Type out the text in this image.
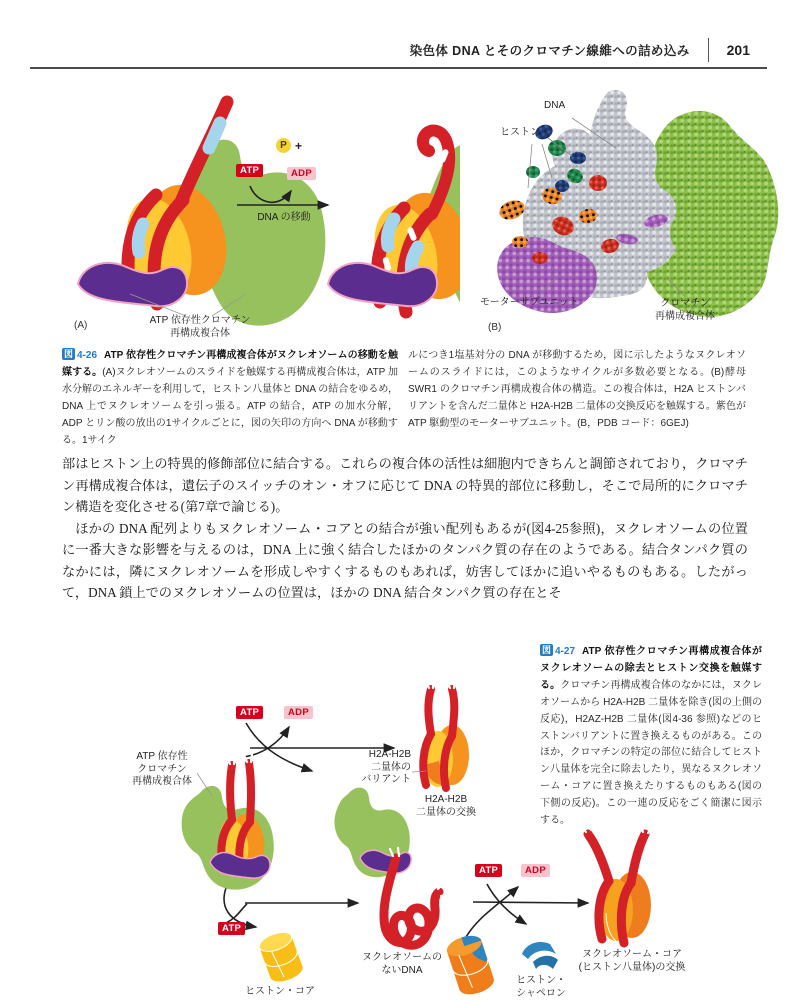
染色体 DNA とそのクロマチン線維への詰め込み	201
ATP
P +
ADP
DNA の移動
ATP 依存性クロマチン
再構成複合体
(A)
DNA
ヒストン
モーターサブユニット	クロマチン
再構成複合体
(B)
図 4-26 ATP 依存性クロマチン再構成複合体がヌクレオソームの移動を触媒する。(A)ヌクレオソームのスライドを触媒する再構成複合体は，ATP 加水分解のエネルギーを利用して，ヒストン八量体と DNA の結合をゆるめ，DNA 上でヌクレオソームを引っ張る。ATP の結合，ATP の加水分解，ADP とリン酸の放出の1サイクルごとに，図の矢印の方向へ DNA が移動する。1サイク
ルにつき1塩基対分の DNA が移動するため，図に示したようなヌクレオソームのスライドには，このようなサイクルが多数必要となる。(B)酵母 SWR1 のクロマチン再構成複合体の構造。この複合体は，H2A ヒストンバリアントを含んだ二量体と H2A-H2B 二量体の交換反応を触媒する。紫色が ATP 駆動型のモーターサブユニット。(B，PDB コード：6GEJ)

部はヒストン上の特異的修飾部位に結合する。これらの複合体の活性は細胞内できちんと調節されており，クロマチン再構成複合体は，遺伝子のスイッチのオン・オフに応じて DNA の特異的部位に移動し，そこで局所的にクロマチン構造を変化させる(第7章で論じる)。

ほかの DNA 配列よりもヌクレオソーム・コアとの結合が強い配列もあるが(図4-25参照)，ヌクレオソームの位置に一番大きな影響を与えるのは，DNA 上に強く結合したほかのタンパク質の存在のようである。結合タンパク質のなかには，隣にヌクレオソームを形成しやすくするものもあれば，妨害してほかに追いやるものもある。したがって，DNA 鎖上でのヌクレオソームの位置は，ほかの DNA 結合タンパク質の存在とそ

図 4-27 ATP 依存性クロマチン再構成複合体がヌクレオソームの除去とヒストン交換を触媒する。クロマチン再構成複合体のなかには，ヌクレオソームから H2A-H2B 二量体を除き(図の上側の反応)，H2AZ-H2B 二量体(図4-36 参照)などのヒストンバリアントに置き換えるものがある。このほか，クロマチンの特定の部位に結合してヒストン八量体を完全に除去したり，異なるヌクレオソーム・コアに置き換えたりするものもある(図の下側の反応)。この一連の反応をごく簡潔に図示する。
ATP 依存性
クロマチン
再構成複合体
ATP	ADP
H2A-H2B
二量体の
バリアント
H2A-H2B
二量体の交換
ATP
ヒストン・コア
ヌクレオソームの
ないDNA
ATP	ADP
ヒストン・
シャペロン
ヌクレオソーム・コア
(ヒストン八量体)の交換
